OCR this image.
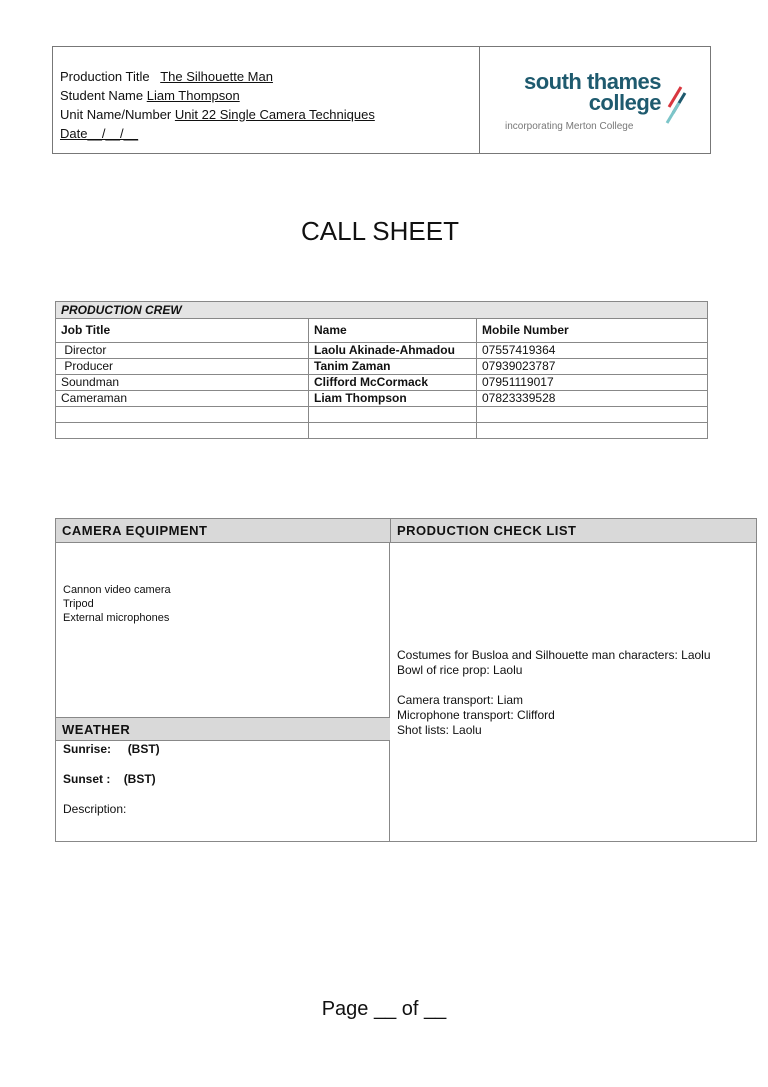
Production Title The Silhouette Man
Student Name Liam Thompson
Unit Name/Number Unit 22 Single Camera Techniques
Date__/__/__
south thames
college
incorporating Merton College
CALL SHEET
PRODUCTION CREW		
Job Title	Name	Mobile Number
Director	Laolu Akinade-Ahmadou	07557419364
Producer	Tanim Zaman	07939023787
Soundman	Clifford McCormack	07951119017
Cameraman	Liam Thompson	07823339528

CAMERA EQUIPMENT	PRODUCTION CHECK LIST
Cannon video camera
Tripod
External microphones
Costumes for Busloa and Silhouette man characters: Laolu
Bowl of rice prop: Laolu
Camera transport: Liam
Microphone transport: Clifford
Shot lists: Laolu
WEATHER
Sunrise: (BST)
Sunset : (BST)
Description:
Page __ of __
